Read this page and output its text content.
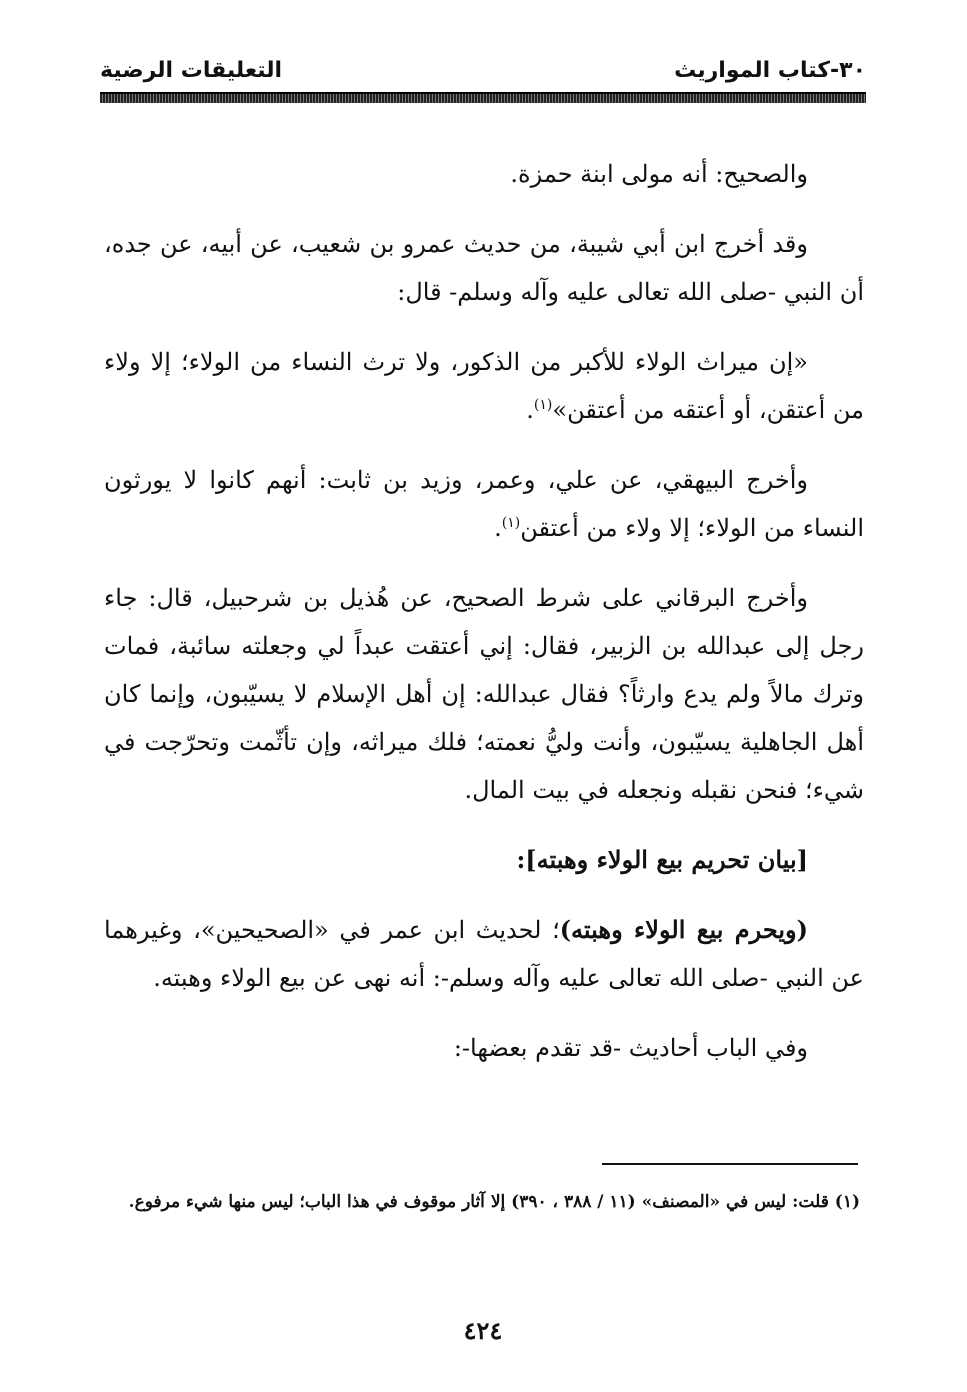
٣٠-كتاب المواريث
التعليقات الرضية

والصحيح: أنه مولى ابنة حمزة.

وقد أخرج ابن أبي شيبة، من حديث عمرو بن شعيب، عن أبيه، عن جده، أن النبي -صلى الله تعالى عليه وآله وسلم- قال:

«إن ميراث الولاء للأكبر من الذكور، ولا ترث النساء من الولاء؛ إلا ولاء من أعتقن، أو أعتقه من أعتقن»$^{(١)}$.

وأخرج البيهقي، عن علي، وعمر، وزيد بن ثابت: أنهم كانوا لا يورثون النساء من الولاء؛ إلا ولاء من أعتقن$^{(١)}$.

وأخرج البرقاني على شرط الصحيح، عن هُذيل بن شرحبيل، قال: جاء رجل إلى عبدالله بن الزبير، فقال: إني أعتقت عبداً لي وجعلته سائبة، فمات وترك مالاً ولم يدع وارثاً؟ فقال عبدالله: إن أهل الإسلام لا يسيّبون، وإنما كان أهل الجاهلية يسيّبون، وأنت وليُّ نعمته؛ فلك ميراثه، وإن تأثّمت وتحرّجت في شيء؛ فنحن نقبله ونجعله في بيت المال.

[بيان تحريم بيع الولاء وهبته]:

(ويحرم بيع الولاء وهبته)؛ لحديث ابن عمر في «الصحيحين»، وغيرهما عن النبي -صلى الله تعالى عليه وآله وسلم-: أنه نهى عن بيع الولاء وهبته.

وفي الباب أحاديث -قد تقدم بعضها-:

(١) قلت: ليس في «المصنف» (١١ / ٣٨٨ ، ٣٩٠) إلا آثار موقوف في هذا الباب؛ ليس منها شيء مرفوع.
٤٢٤
